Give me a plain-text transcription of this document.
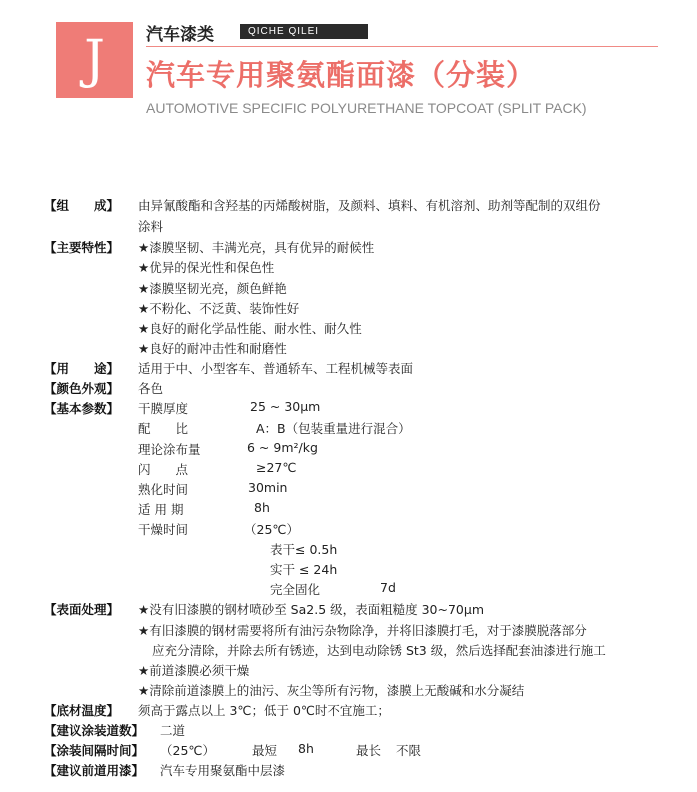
J	汽车漆类	QICHE QILEI
汽车专用聚氨酯面漆（分装）
AUTOMOTIVE SPECIFIC POLYURETHANE TOPCOAT (SPLIT PACK)
【组　　成】 由异氰酸酯和含羟基的丙烯酸树脂，及颜料、填料、有机溶剂、助剂等配制的双组份
涂料
【主要特性】 ★漆膜坚韧、丰满光亮，具有优异的耐候性
★优异的保光性和保色性
★漆膜坚韧光亮，颜色鲜艳
★不粉化、不泛黄、装饰性好
★良好的耐化学品性能、耐水性、耐久性
★良好的耐冲击性和耐磨性
【用　　途】 适用于中、小型客车、普通轿车、工程机械等表面
【颜色外观】 各色
【基本参数】 干膜厚度	25 ~ 30μm
配　　比	A：B（包装重量进行混合）
理论涂布量	6 ~ 9m²/kg
闪　　点	≥27℃
熟化时间	30min
适 用 期	8h
干燥时间	（25℃）
表干≤ 0.5h
实干 ≤ 24h
完全固化	7d
【表面处理】 ★没有旧漆膜的钢材喷砂至 Sa2.5 级，表面粗糙度 30~70μm
★有旧漆膜的钢材需要将所有油污杂物除净，并将旧漆膜打毛，对于漆膜脱落部分
应充分清除，并除去所有锈迹，达到电动除锈 St3 级，然后选择配套油漆进行施工
★前道漆膜必须干燥
★清除前道漆膜上的油污、灰尘等所有污物，漆膜上无酸碱和水分凝结
【底材温度】 须高于露点以上 3℃；低于 0℃时不宜施工；
【建议涂装道数】 二道
【涂装间隔时间】 （25℃）	最短 8h	最长 不限
【建议前道用漆】 汽车专用聚氨酯中层漆
